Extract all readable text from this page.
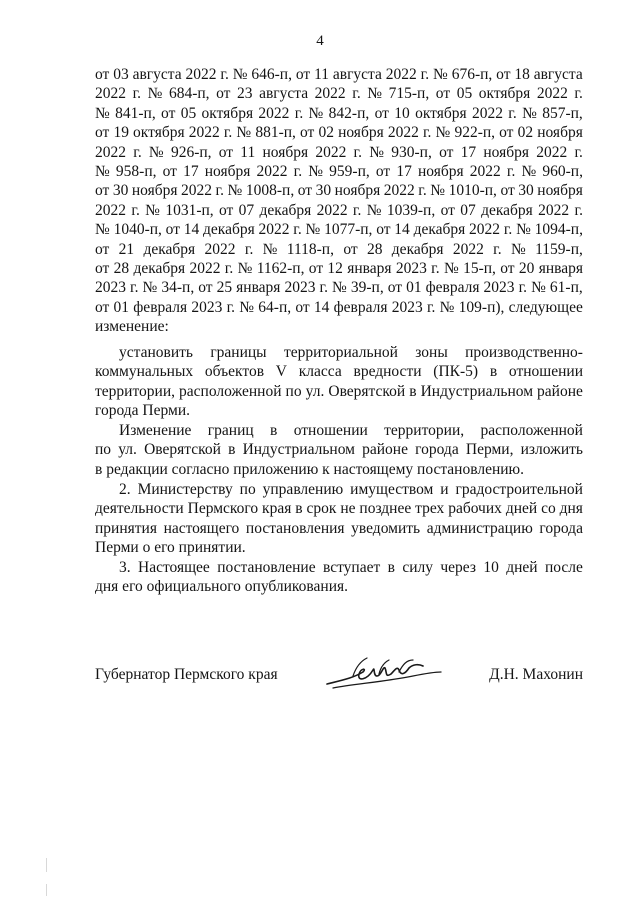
4
от 03 августа 2022 г. № 646-п, от 11 августа 2022 г. № 676-п, от 18 августа
2022 г. № 684-п, от 23 августа 2022 г. № 715-п, от 05 октября 2022 г.
№ 841-п, от 05 октября 2022 г. № 842-п, от 10 октября 2022 г. № 857-п,
от 19 октября 2022 г. № 881-п, от 02 ноября 2022 г. № 922-п, от 02 ноября
2022 г. № 926-п, от 11 ноября 2022 г. № 930-п, от 17 ноября 2022 г.
№ 958-п, от 17 ноября 2022 г. № 959-п, от 17 ноября 2022 г. № 960-п,
от 30 ноября 2022 г. № 1008-п, от 30 ноября 2022 г. № 1010-п, от 30 ноября
2022 г. № 1031-п, от 07 декабря 2022 г. № 1039-п, от 07 декабря 2022 г.
№ 1040-п, от 14 декабря 2022 г. № 1077-п, от 14 декабря 2022 г. № 1094-п,
от 21 декабря 2022 г. № 1118-п, от 28 декабря 2022 г. № 1159-п,
от 28 декабря 2022 г. № 1162-п, от 12 января 2023 г. № 15-п, от 20 января
2023 г. № 34-п, от 25 января 2023 г. № 39-п, от 01 февраля 2023 г. № 61-п,
от 01 февраля 2023 г. № 64-п, от 14 февраля 2023 г. № 109-п), следующее
изменение:
установить границы территориальной зоны производственно-
коммунальных объектов V класса вредности (ПК-5) в отношении
территории, расположенной по ул. Оверятской в Индустриальном районе
города Перми.
Изменение границ в отношении территории, расположенной
по ул. Оверятской в Индустриальном районе города Перми, изложить
в редакции согласно приложению к настоящему постановлению.
2. Министерству по управлению имуществом и градостроительной
деятельности Пермского края в срок не позднее трех рабочих дней со дня
принятия настоящего постановления уведомить администрацию города
Перми о его принятии.
3. Настоящее постановление вступает в силу через 10 дней после
дня его официального опубликования.
Губернатор Пермского края	Д.Н. Махонин
